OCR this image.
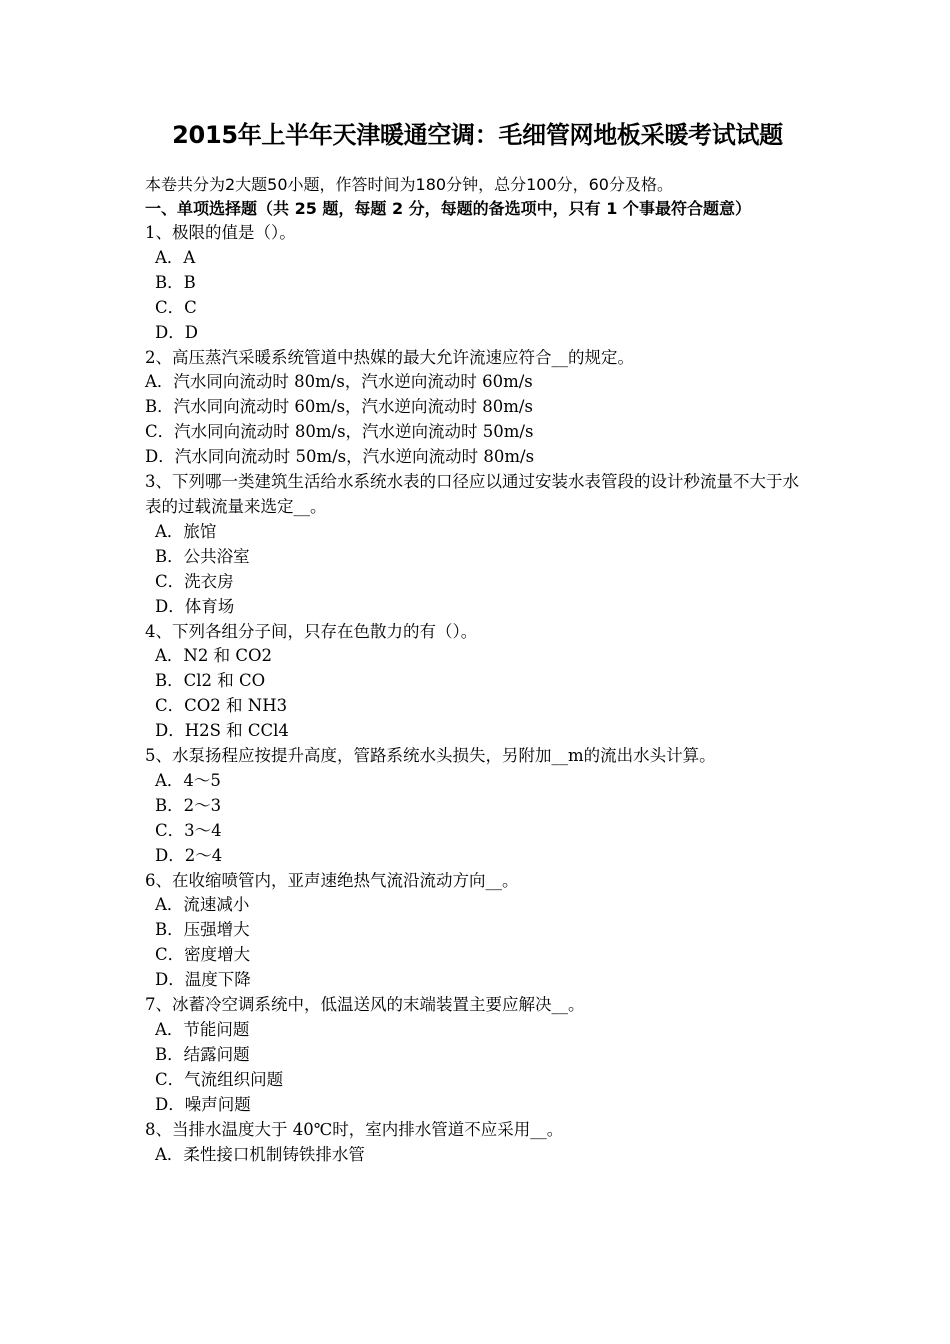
2015年上半年天津暖通空调：毛细管网地板采暖考试试题

本卷共分为2大题50小题，作答时间为180分钟，总分100分，60分及格。

一、单项选择题（共 25 题，每题 2 分，每题的备选项中，只有 1 个事最符合题意）

1、极限的值是（）。

A．A

B．B

C．C

D．D

2、高压蒸汽采暖系统管道中热媒的最大允许流速应符合__的规定。

A．汽水同向流动时 80m/s，汽水逆向流动时 60m/s

B．汽水同向流动时 60m/s，汽水逆向流动时 80m/s

C．汽水同向流动时 80m/s，汽水逆向流动时 50m/s

D．汽水同向流动时 50m/s，汽水逆向流动时 80m/s

3、下列哪一类建筑生活给水系统水表的口径应以通过安装水表管段的设计秒流量不大于水表的过载流量来选定__。

A．旅馆

B．公共浴室

C．洗衣房

D．体育场

4、下列各组分子间，只存在色散力的有（）。

A．N2 和 CO2

B．Cl2 和 CO

C．CO2 和 NH3

D．H2S 和 CCl4

5、水泵扬程应按提升高度，管路系统水头损失，另附加__m的流出水头计算。

A．4～5

B．2～3

C．3～4

D．2～4

6、在收缩喷管内，亚声速绝热气流沿流动方向__。

A．流速减小

B．压强增大

C．密度增大

D．温度下降

7、冰蓄冷空调系统中，低温送风的末端装置主要应解决__。

A．节能问题

B．结露问题

C．气流组织问题

D．噪声问题

8、当排水温度大于 40℃时，室内排水管道不应采用__。

A．柔性接口机制铸铁排水管
